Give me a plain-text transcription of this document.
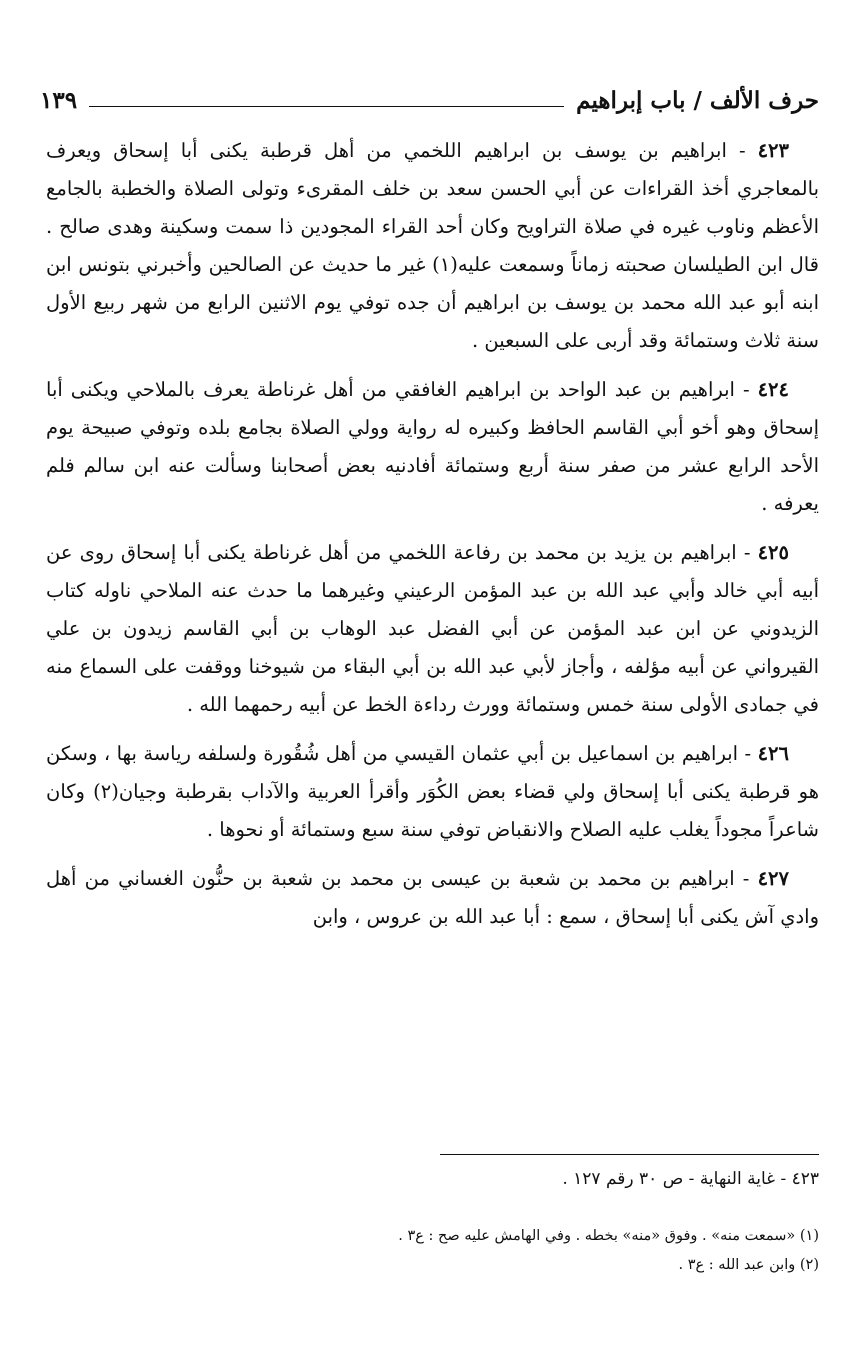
حرف الألف / باب إبراهيم
١٣٩

٤٢٣ - ابراهيم بن يوسف بن ابراهيم اللخمي من أهل قرطبة يكنى أبا إسحاق ويعرف بالمعاجري أخذ القراءات عن أبي الحسن سعد بن خلف المقرىء وتولى الصلاة والخطبة بالجامع الأعظم وناوب غيره في صلاة التراويح وكان أحد القراء المجودين ذا سمت وسكينة وهدى صالح . قال ابن الطيلسان صحبته زماناً وسمعت عليه(١) غير ما حديث عن الصالحين وأخبرني بتونس ابن ابنه أبو عبد الله محمد بن يوسف بن ابراهيم أن جده توفي يوم الاثنين الرابع من شهر ربيع الأول سنة ثلاث وستمائة وقد أربى على السبعين .

٤٢٤ - ابراهيم بن عبد الواحد بن ابراهيم الغافقي من أهل غرناطة يعرف بالملاحي ويكنى أبا إسحاق وهو أخو أبي القاسم الحافظ وكبيره له رواية وولي الصلاة بجامع بلده وتوفي صبيحة يوم الأحد الرابع عشر من صفر سنة أربع وستمائة أفادنيه بعض أصحابنا وسألت عنه ابن سالم فلم يعرفه .

٤٢٥ - ابراهيم بن يزيد بن محمد بن رفاعة اللخمي من أهل غرناطة يكنى أبا إسحاق روى عن أبيه أبي خالد وأبي عبد الله بن عبد المؤمن الرعيني وغيرهما ما حدث عنه الملاحي ناوله كتاب الزيدوني عن ابن عبد المؤمن عن أبي الفضل عبد الوهاب بن أبي القاسم زيدون بن علي القيرواني عن أبيه مؤلفه ، وأجاز لأبي عبد الله بن أبي البقاء من شيوخنا ووقفت على السماع منه في جمادى الأولى سنة خمس وستمائة وورث رداءة الخط عن أبيه رحمهما الله .

٤٢٦ - ابراهيم بن اسماعيل بن أبي عثمان القيسي من أهل شُقُورة ولسلفه رياسة بها ، وسكن هو قرطبة يكنى أبا إسحاق ولي قضاء بعض الكُوَر وأقرأ العربية والآداب بقرطبة وجيان(٢) وكان شاعراً مجوداً يغلب عليه الصلاح والانقباض توفي سنة سبع وستمائة أو نحوها .

٤٢٧ - ابراهيم بن محمد بن شعبة بن عيسى بن محمد بن شعبة بن حنُّون الغساني من أهل وادي آش يكنى أبا إسحاق ، سمع : أبا عبد الله بن عروس ، وابن

٤٢٣ - غاية النهاية - ص ٣٠ رقم ١٢٧ .

(١) «سمعت منه» . وفوق «منه» بخطه . وفي الهامش عليه صح : ع٣ .

(٢) وابن عبد الله : ع٣ .
